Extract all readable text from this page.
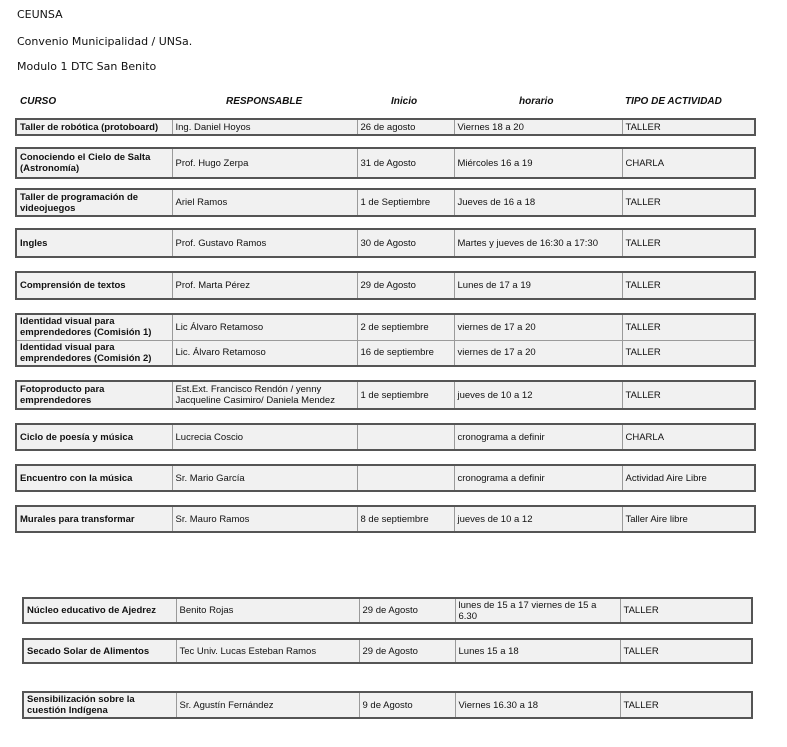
CEUNSA
Convenio Municipalidad / UNSa.
Modulo 1 DTC San Benito
CURSO	RESPONSABLE	Inicio	horario	TIPO DE ACTIVIDAD
Taller de robótica (protoboard)	Ing. Daniel Hoyos	26 de agosto	Viernes 18 a 20	TALLER
Conociendo el Cielo de Salta (Astronomía)	Prof. Hugo Zerpa	31 de Agosto	Miércoles 16 a 19	CHARLA
Taller de programación de videojuegos	Ariel Ramos	1 de Septiembre	Jueves de 16 a 18	TALLER
Ingles	Prof. Gustavo Ramos	30 de Agosto	Martes y jueves de 16:30 a 17:30	TALLER
Comprensión de textos	Prof. Marta Pérez	29 de Agosto	Lunes de 17 a 19	TALLER
Identidad visual para emprendedores (Comisión 1)	Lic Álvaro Retamoso	2 de septiembre	viernes de 17 a 20	TALLER
Identidad visual para emprendedores (Comisión 2)	Lic. Álvaro Retamoso	16 de septiembre	viernes de 17 a 20	TALLER
Fotoproducto para emprendedores	Est.Ext. Francisco Rendón / yenny Jacqueline Casimiro/ Daniela Mendez	1 de septiembre	jueves de 10 a 12	TALLER
Ciclo de poesía y música	Lucrecia Coscio		cronograma a definir	CHARLA
Encuentro con la música	Sr. Mario García		cronograma a definir	Actividad Aire Libre
Murales para transformar	Sr. Mauro Ramos	8 de septiembre	jueves de 10 a 12	Taller Aire libre
Núcleo educativo de Ajedrez	Benito Rojas	29 de Agosto	lunes de 15 a 17 viernes de 15 a 6.30	TALLER
Secado Solar de Alimentos	Tec Univ. Lucas Esteban Ramos	29 de Agosto	Lunes 15 a 18	TALLER
Sensibilización sobre la cuestión Indígena	Sr. Agustín Fernández	9 de Agosto	Viernes 16.30 a 18	TALLER
